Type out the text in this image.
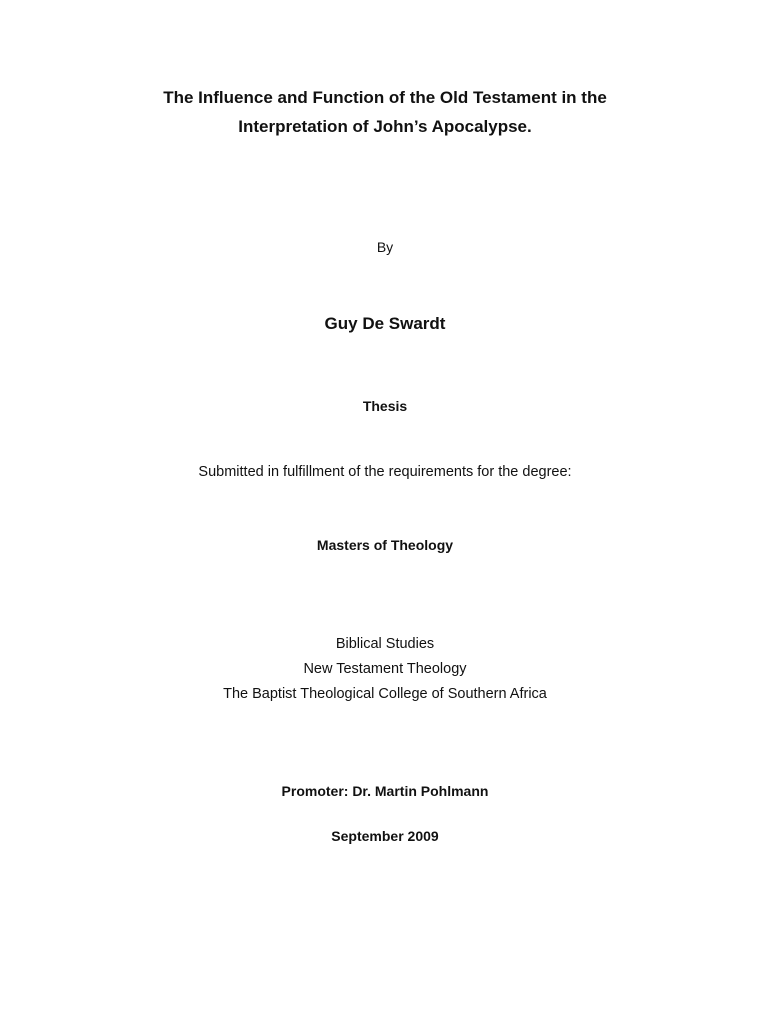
The Influence and Function of the Old Testament in the
Interpretation of John’s Apocalypse.
By
Guy De Swardt
Thesis
Submitted in fulfillment of the requirements for the degree:
Masters of Theology
Biblical Studies
New Testament Theology
The Baptist Theological College of Southern Africa
Promoter: Dr. Martin Pohlmann
September 2009
